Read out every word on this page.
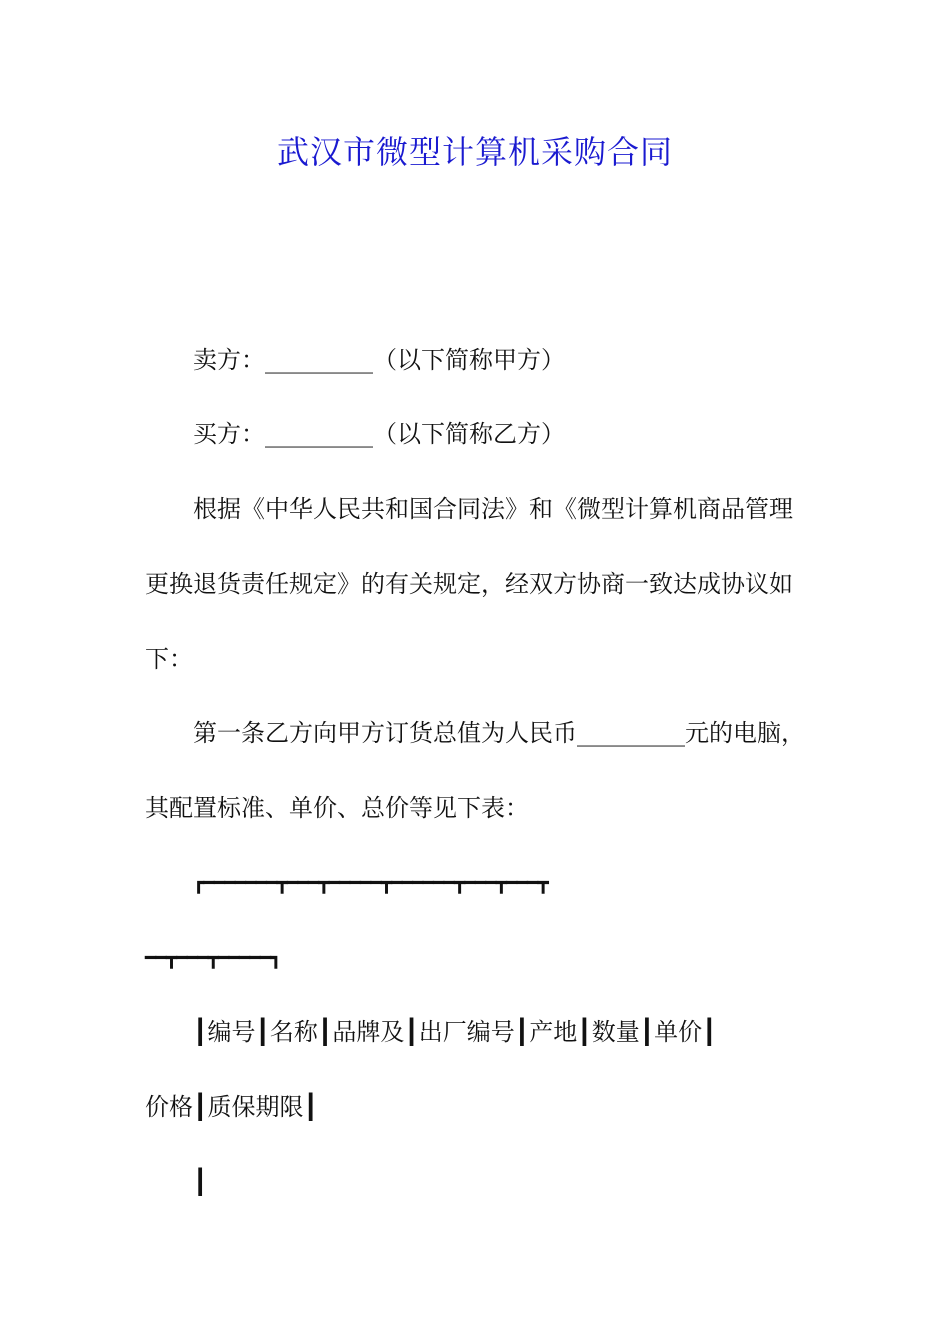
武汉市微型计算机采购合同

卖方：_________（以下简称甲方）

买方：_________（以下简称乙方）

根据《中华人民共和国合同法》和《微型计算机商品管理

更换退货责任规定》的有关规定，经双方协商一致达成协议如

下：

第一条乙方向甲方订货总值为人民币_________元的电脑，

其配置标准、单价、总价等见下表：

┏━━━━━━━┳━━━┳━━━━━┳━━━━━━┳━━━┳━━━┳

━━┳━━━┳━━━━━┓

┃编号┃名称┃品牌及┃出厂编号┃产地┃数量┃单价┃

价格┃质保期限┃

┃
